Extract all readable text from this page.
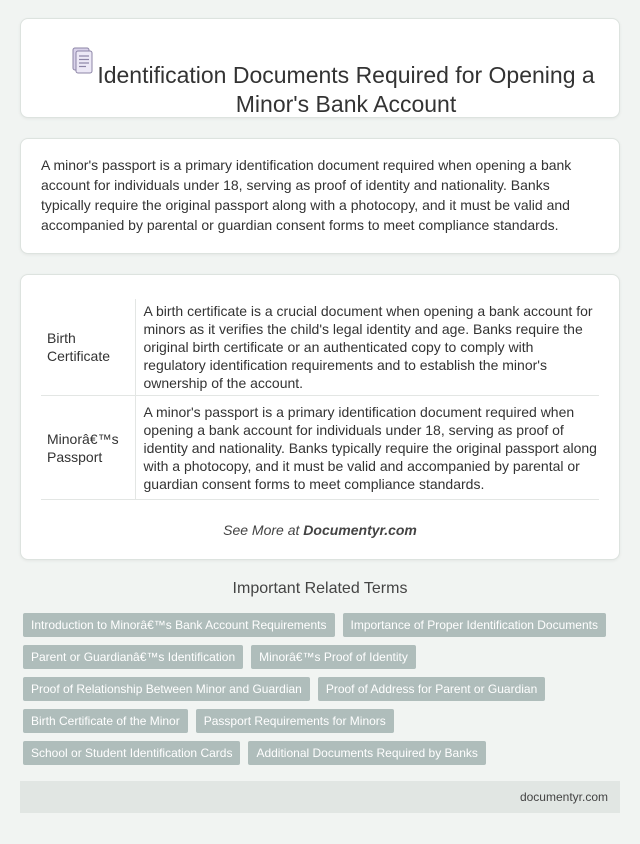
Identification Documents Required for Opening a Minor's Bank Account

A minor's passport is a primary identification document required when opening a bank account for individuals under 18, serving as proof of identity and nationality. Banks typically require the original passport along with a photocopy, and it must be valid and accompanied by parental or guardian consent forms to meet compliance standards.

Birth Certificate	A birth certificate is a crucial document when opening a bank account for minors as it verifies the child's legal identity and age. Banks require the original birth certificate or an authenticated copy to comply with regulatory identification requirements and to establish the minor's ownership of the account.
Minorâ€™s Passport	A minor's passport is a primary identification document required when opening a bank account for individuals under 18, serving as proof of identity and nationality. Banks typically require the original passport along with a photocopy, and it must be valid and accompanied by parental or guardian consent forms to meet compliance standards.
See More at Documentyr.com
Important Related Terms
Introduction to Minorâ€™s Bank Account Requirements	Importance of Proper Identification Documents
Parent or Guardianâ€™s Identification	Minorâ€™s Proof of Identity
Proof of Relationship Between Minor and Guardian	Proof of Address for Parent or Guardian
Birth Certificate of the Minor	Passport Requirements for Minors
School or Student Identification Cards	Additional Documents Required by Banks
documentyr.com
